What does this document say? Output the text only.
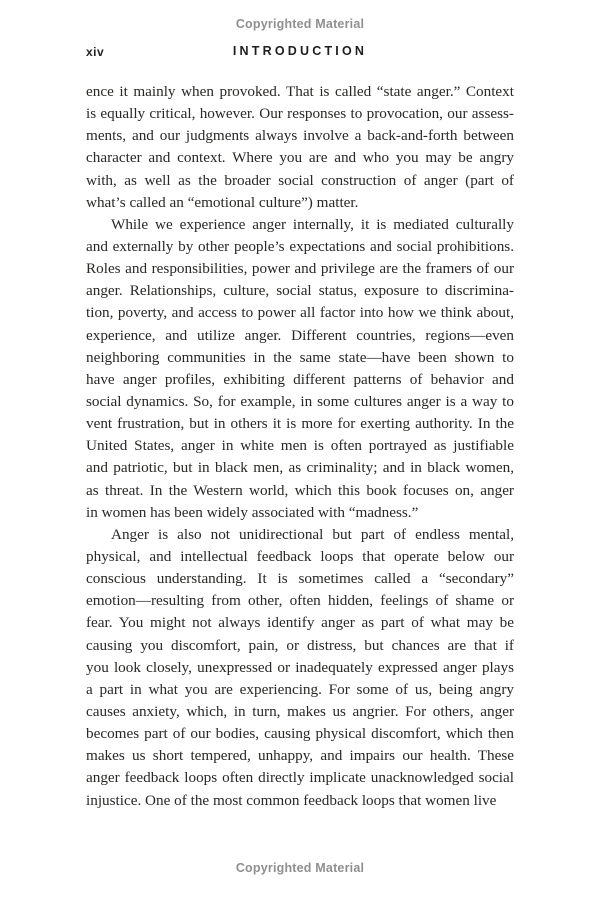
Copyrighted Material
xiv	INTRODUCTION
ence it mainly when provoked. That is called “state anger.” Context
is equally critical, however. Our responses to provocation, our assess-
ments, and our judgments always involve a back-and-forth between
character and context. Where you are and who you may be angry
with, as well as the broader social construction of anger (part of
what’s called an “emotional culture”) matter.
While we experience anger internally, it is mediated culturally
and externally by other people’s expectations and social prohibitions.
Roles and responsibilities, power and privilege are the framers of our
anger. Relationships, culture, social status, exposure to discrimina-
tion, poverty, and access to power all factor into how we think about,
experience, and utilize anger. Different countries, regions—even
neighboring communities in the same state—have been shown to
have anger profiles, exhibiting different patterns of behavior and
social dynamics. So, for example, in some cultures anger is a way to
vent frustration, but in others it is more for exerting authority. In the
United States, anger in white men is often portrayed as justifiable
and patriotic, but in black men, as criminality; and in black women,
as threat. In the Western world, which this book focuses on, anger
in women has been widely associated with “madness.”
Anger is also not unidirectional but part of endless mental,
physical, and intellectual feedback loops that operate below our
conscious understanding. It is sometimes called a “secondary”
emotion—resulting from other, often hidden, feelings of shame or
fear. You might not always identify anger as part of what may be
causing you discomfort, pain, or distress, but chances are that if
you look closely, unexpressed or inadequately expressed anger plays
a part in what you are experiencing. For some of us, being angry
causes anxiety, which, in turn, makes us angrier. For others, anger
becomes part of our bodies, causing physical discomfort, which then
makes us short tempered, unhappy, and impairs our health. These
anger feedback loops often directly implicate unacknowledged social
injustice. One of the most common feedback loops that women live
Copyrighted Material
